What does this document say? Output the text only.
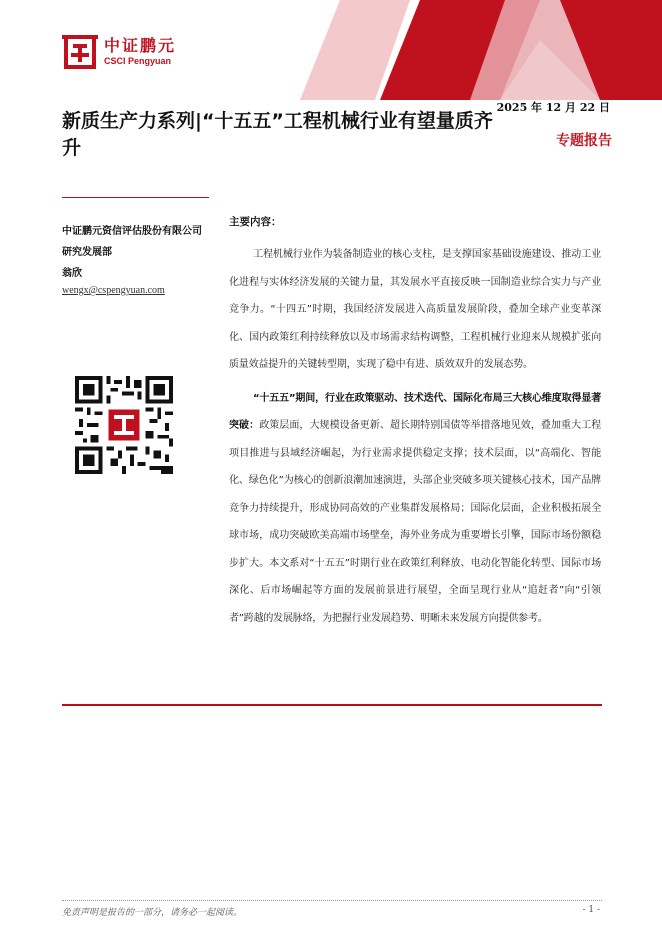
中证鹏元
CSCI Pengyuan
新质生产力系列|“十五五”工程机械行业有望量质齐升
2025 年 12 月 22 日
专题报告
中证鹏元资信评估股份有限公司
研究发展部
翁欣
wengx@cspengyuan.com
主要内容：

工程机械行业作为装备制造业的核心支柱，是支撑国家基础设施建设、推动工业化进程与实体经济发展的关键力量，其发展水平直接反映一国制造业综合实力与产业竞争力。“十四五”时期，我国经济发展进入高质量发展阶段，叠加全球产业变革深化、国内政策红利持续释放以及市场需求结构调整，工程机械行业迎来从规模扩张向质量效益提升的关键转型期，实现了稳中有进、质效双升的发展态势。

“十五五”期间，行业在政策驱动、技术迭代、国际化布局三大核心维度取得显著突破：政策层面，大规模设备更新、超长期特别国债等举措落地见效，叠加重大工程项目推进与县域经济崛起，为行业需求提供稳定支撑；技术层面，以“高端化、智能化、绿色化”为核心的创新浪潮加速演进，头部企业突破多项关键核心技术，国产品牌竞争力持续提升，形成协同高效的产业集群发展格局；国际化层面，企业积极拓展全球市场，成功突破欧美高端市场壁垒，海外业务成为重要增长引擎，国际市场份额稳步扩大。本文系对“十五五”时期行业在政策红利释放、电动化智能化转型、国际市场深化、后市场崛起等方面的发展前景进行展望，全面呈现行业从“追赶者”向“引领者”跨越的发展脉络，为把握行业发展趋势、明晰未来发展方向提供参考。

免责声明是报告的一部分，请务必一起阅读。	- 1 -
